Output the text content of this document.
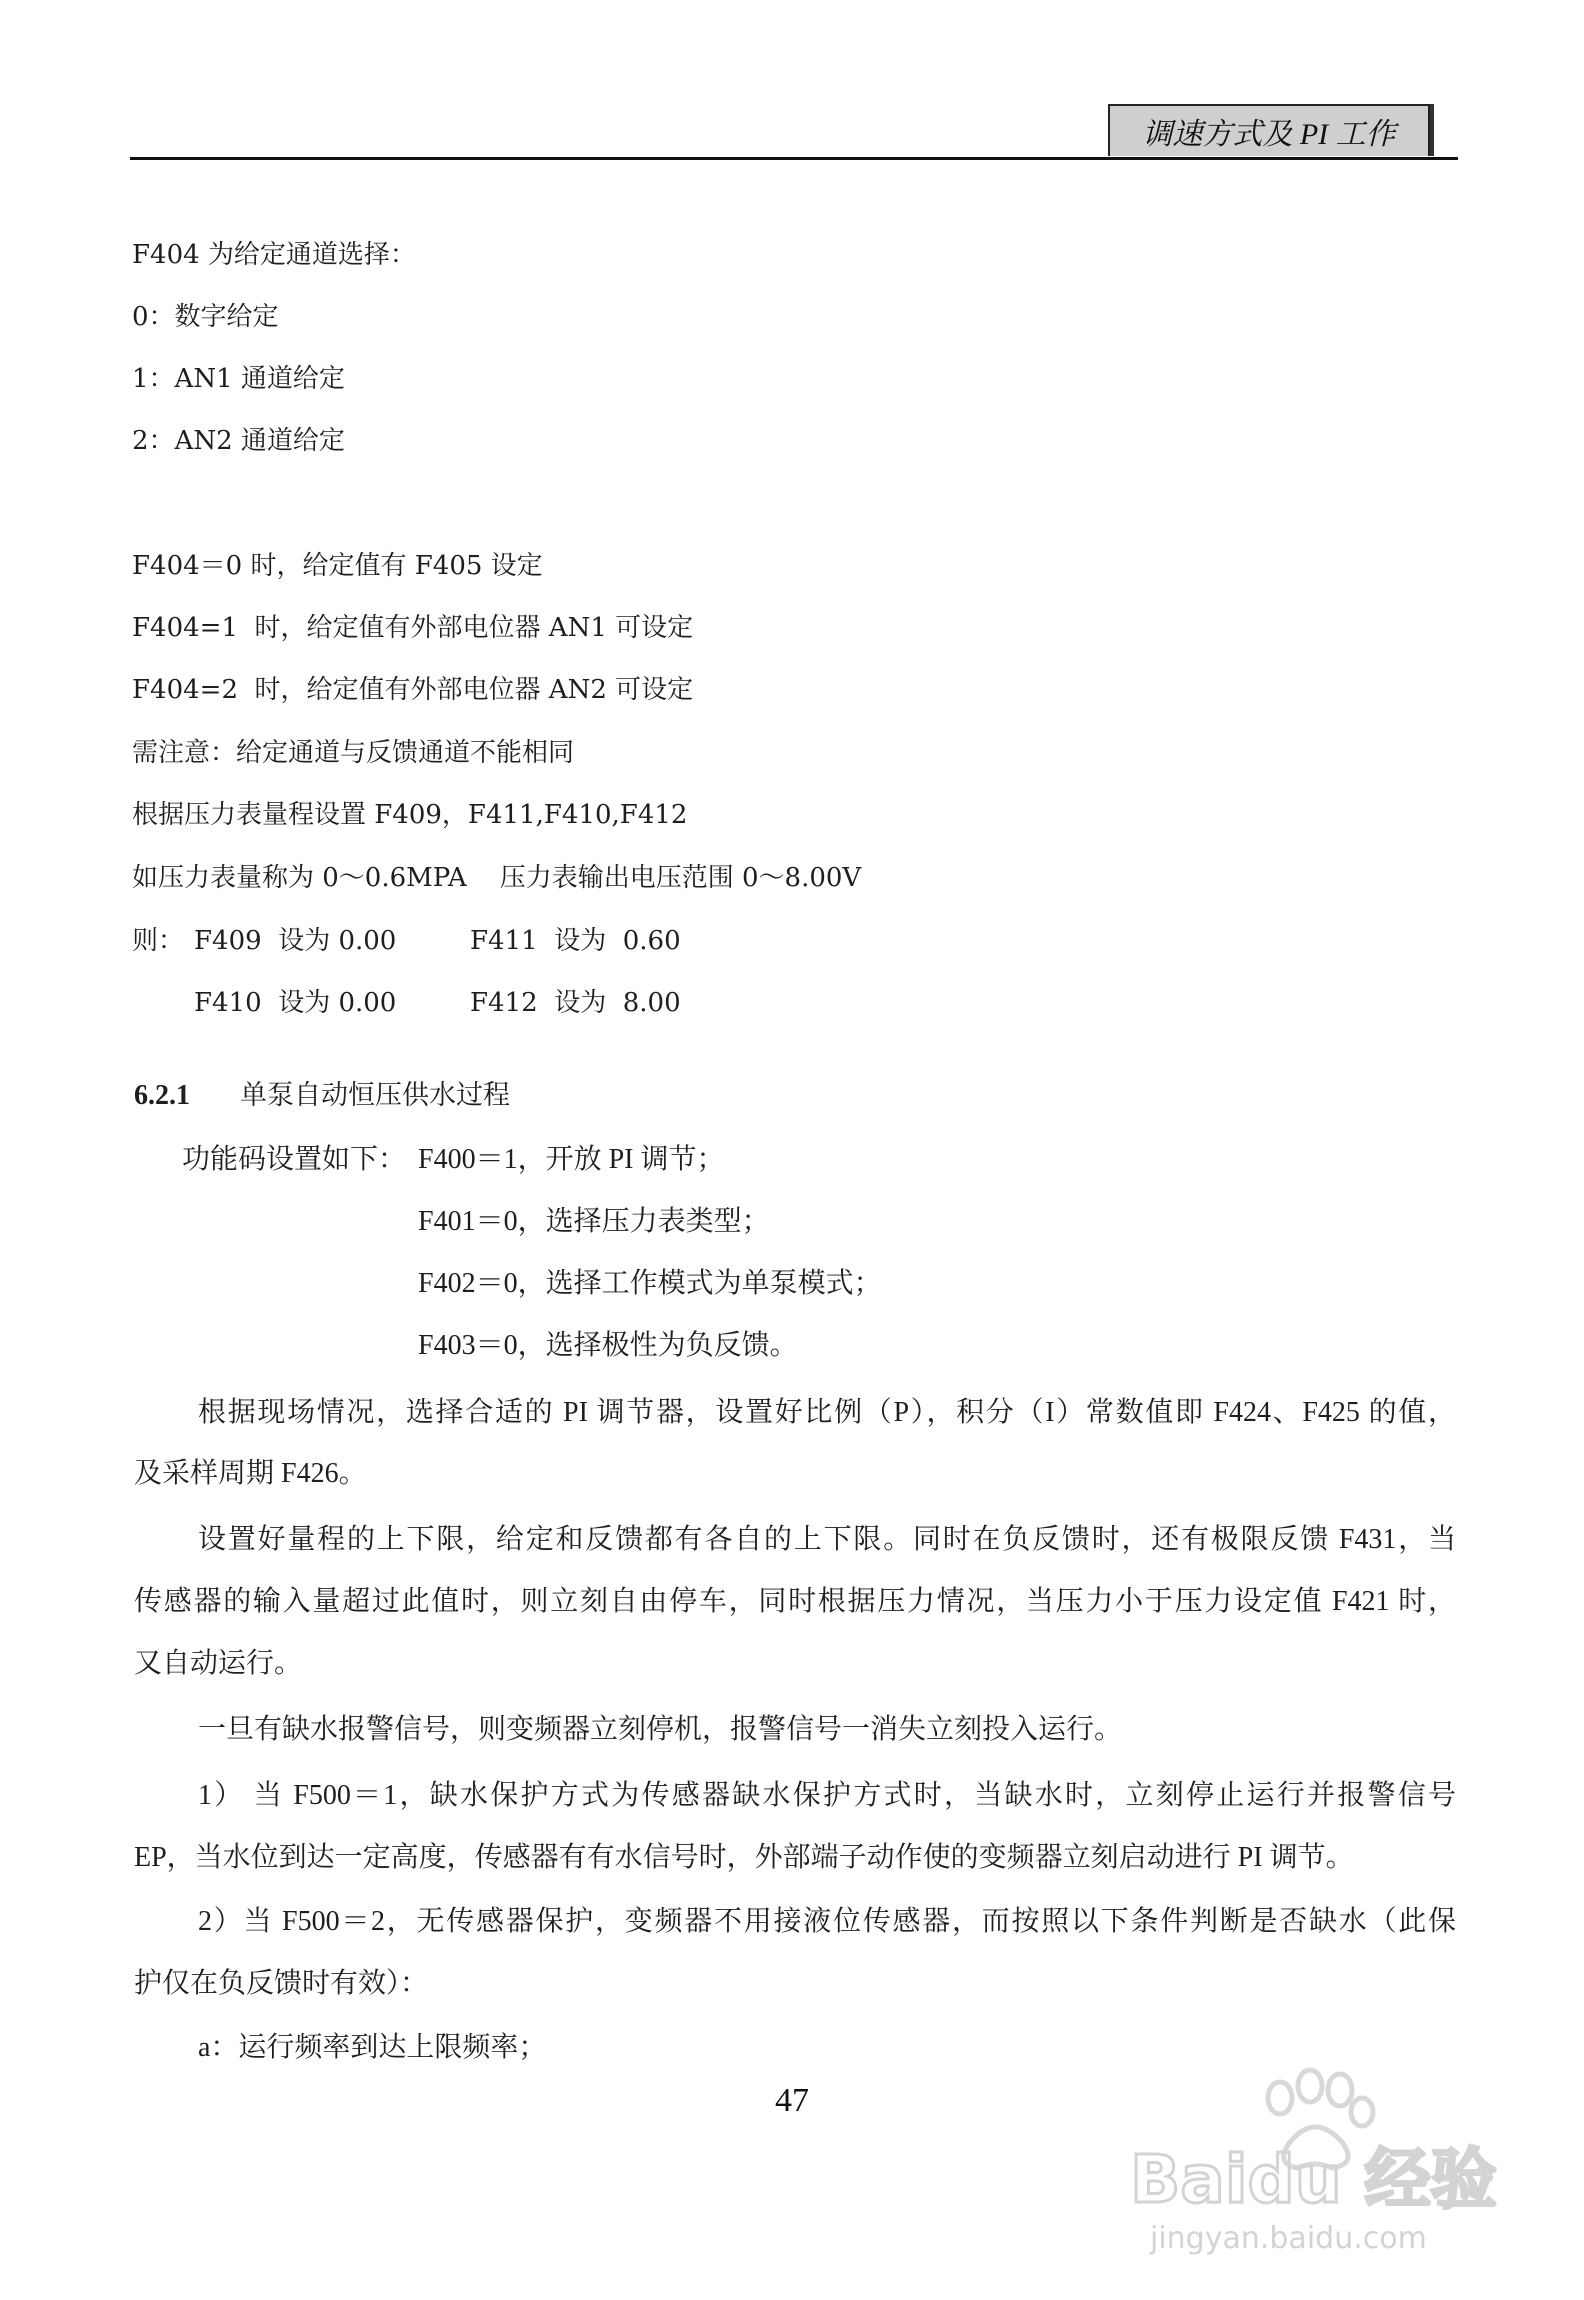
调速方式及 PI 工作
F404 为给定通道选择：
0：数字给定
1：AN1 通道给定
2：AN2 通道给定
F404＝0 时，给定值有 F405 设定
F404=1  时，给定值有外部电位器 AN1 可设定
F404=2  时，给定值有外部电位器 AN2 可设定
需注意：给定通道与反馈通道不能相同
根据压力表量程设置 F409，F411,F410,F412
如压力表量称为 0～0.6MPA    压力表输出电压范围 0～8.00V
则： F409  设为 0.00	F411  设为  0.60
F410  设为 0.00	F412  设为  8.00
6.2.1 单泵自动恒压供水过程
功能码设置如下： F400＝1，开放 PI 调节；
F401＝0，选择压力表类型；
F402＝0，选择工作模式为单泵模式；
F403＝0，选择极性为负反馈。
根据现场情况，选择合适的 PI 调节器，设置好比例（P），积分（I）常数值即 F424、F425 的值，
及采样周期 F426。
设置好量程的上下限，给定和反馈都有各自的上下限。同时在负反馈时，还有极限反馈 F431，当
传感器的输入量超过此值时，则立刻自由停车，同时根据压力情况，当压力小于压力设定值 F421 时，
又自动运行。
一旦有缺水报警信号，则变频器立刻停机，报警信号一消失立刻投入运行。
1） 当 F500＝1，缺水保护方式为传感器缺水保护方式时，当缺水时，立刻停止运行并报警信号
EP，当水位到达一定高度，传感器有有水信号时，外部端子动作使的变频器立刻启动进行 PI 调节。
2）当 F500＝2，无传感器保护，变频器不用接液位传感器，而按照以下条件判断是否缺水（此保
护仅在负反馈时有效）：
a：运行频率到达上限频率；
47
Baidu 经验
jingyan.baidu.com
